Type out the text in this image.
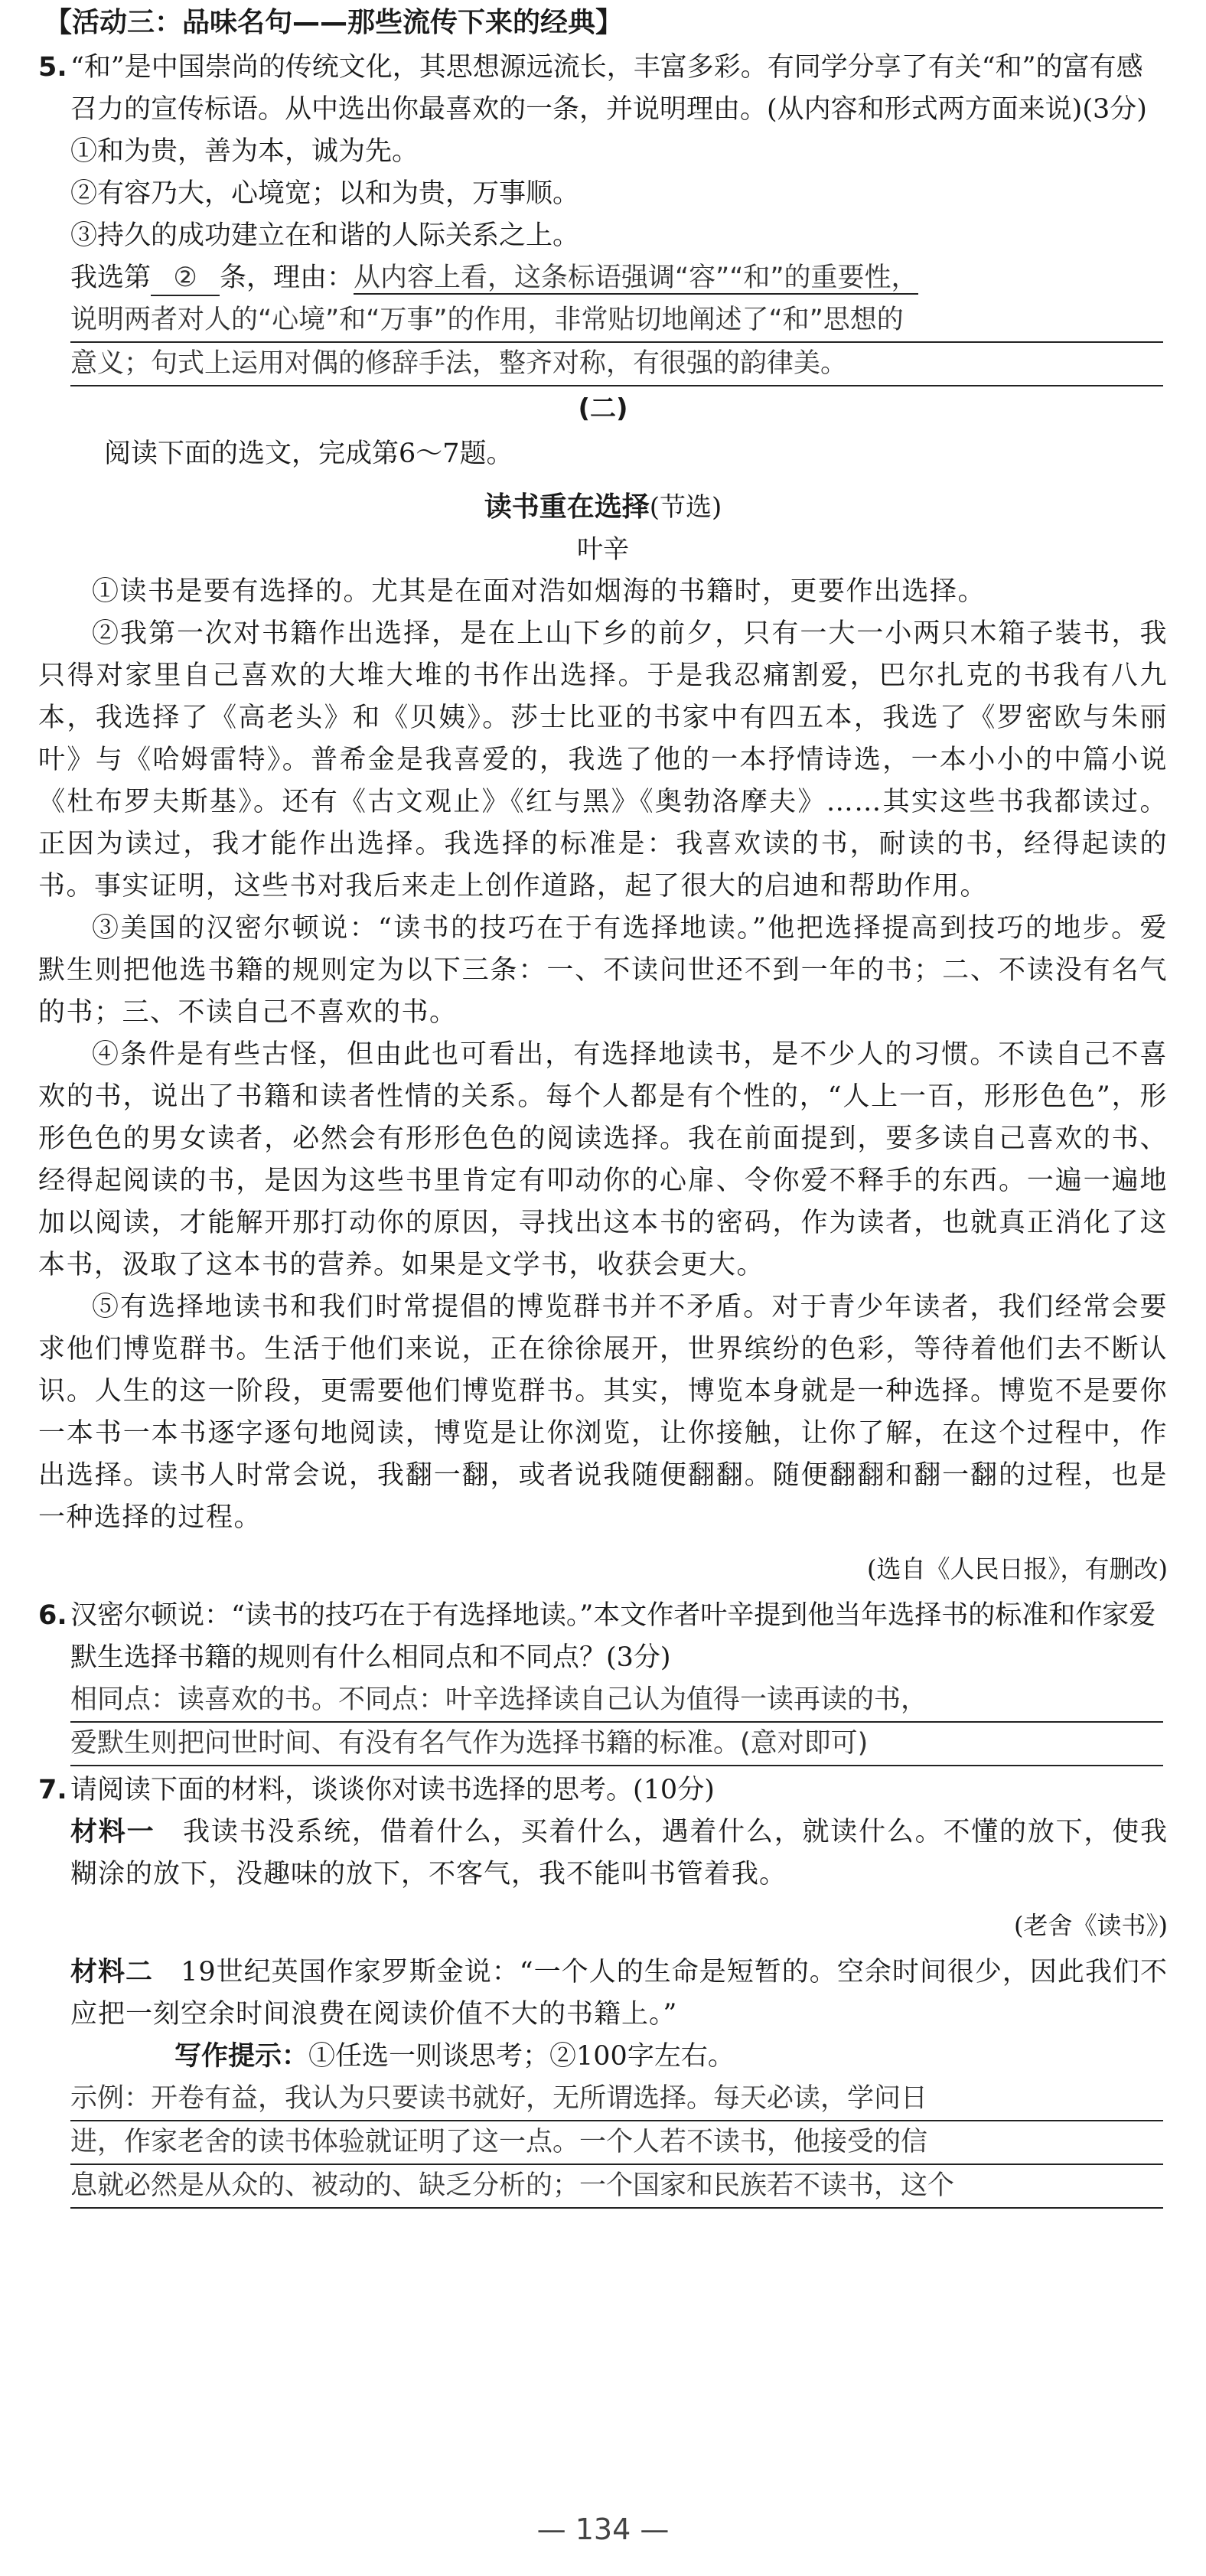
【活动三：品味名句——那些流传下来的经典】
5. “和”是中国崇尚的传统文化，其思想源远流长，丰富多彩。有同学分享了有关“和”的富有感召力的宣传标语。从中选出你最喜欢的一条，并说明理由。(从内容和形式两方面来说)(3分)

①和为贵，善为本，诚为先。

②有容乃大，心境宽；以和为贵，万事顺。

③持久的成功建立在和谐的人际关系之上。

我选第 ② 条，理由：从内容上看，这条标语强调“容”“和”的重要性，

说明两者对人的“心境”和“万事”的作用，非常贴切地阐述了“和”思想的
意义；句式上运用对偶的修辞手法，整齐对称，有很强的韵律美。
(二)

阅读下面的选文，完成第6～7题。

读书重在选择(节选)

叶辛

①读书是要有选择的。尤其是在面对浩如烟海的书籍时，更要作出选择。

②我第一次对书籍作出选择，是在上山下乡的前夕，只有一大一小两只木箱子装书，我只得对家里自己喜欢的大堆大堆的书作出选择。于是我忍痛割爱，巴尔扎克的书我有八九本，我选择了《高老头》和《贝姨》。莎士比亚的书家中有四五本，我选了《罗密欧与朱丽叶》与《哈姆雷特》。普希金是我喜爱的，我选了他的一本抒情诗选，一本小小的中篇小说《杜布罗夫斯基》。还有《古文观止》《红与黑》《奥勃洛摩夫》……其实这些书我都读过。正因为读过，我才能作出选择。我选择的标准是：我喜欢读的书，耐读的书，经得起读的书。事实证明，这些书对我后来走上创作道路，起了很大的启迪和帮助作用。

③美国的汉密尔顿说：“读书的技巧在于有选择地读。”他把选择提高到技巧的地步。爱默生则把他选书籍的规则定为以下三条：一、不读问世还不到一年的书；二、不读没有名气的书；三、不读自己不喜欢的书。

④条件是有些古怪，但由此也可看出，有选择地读书，是不少人的习惯。不读自己不喜欢的书，说出了书籍和读者性情的关系。每个人都是有个性的，“人上一百，形形色色”，形形色色的男女读者，必然会有形形色色的阅读选择。我在前面提到，要多读自己喜欢的书、经得起阅读的书，是因为这些书里肯定有叩动你的心扉、令你爱不释手的东西。一遍一遍地加以阅读，才能解开那打动你的原因，寻找出这本书的密码，作为读者，也就真正消化了这本书，汲取了这本书的营养。如果是文学书，收获会更大。

⑤有选择地读书和我们时常提倡的博览群书并不矛盾。对于青少年读者，我们经常会要求他们博览群书。生活于他们来说，正在徐徐展开，世界缤纷的色彩，等待着他们去不断认识。人生的这一阶段，更需要他们博览群书。其实，博览本身就是一种选择。博览不是要你一本书一本书逐字逐句地阅读，博览是让你浏览，让你接触，让你了解，在这个过程中，作出选择。读书人时常会说，我翻一翻，或者说我随便翻翻。随便翻翻和翻一翻的过程，也是一种选择的过程。

(选自《人民日报》，有删改)

6. 汉密尔顿说：“读书的技巧在于有选择地读。”本文作者叶辛提到他当年选择书的标准和作家爱默生选择书籍的规则有什么相同点和不同点？(3分)

相同点：读喜欢的书。不同点：叶辛选择读自己认为值得一读再读的书，
爱默生则把问世时间、有没有名气作为选择书籍的标准。(意对即可)
7. 请阅读下面的材料，谈谈你对读书选择的思考。(10分)

材料一　 我读书没系统，借着什么，买着什么，遇着什么，就读什么。不懂的放下，使我糊涂的放下，没趣味的放下，不客气，我不能叫书管着我。

(老舍《读书》)

材料二　 19世纪英国作家罗斯金说：“一个人的生命是短暂的。空余时间很少，因此我们不应把一刻空余时间浪费在阅读价值不大的书籍上。”

写作提示：①任选一则谈思考；②100字左右。

示例：开卷有益，我认为只要读书就好，无所谓选择。每天必读，学问日
进，作家老舍的读书体验就证明了这一点。一个人若不读书，他接受的信
息就必然是从众的、被动的、缺乏分析的；一个国家和民族若不读书，这个
— 134 —
